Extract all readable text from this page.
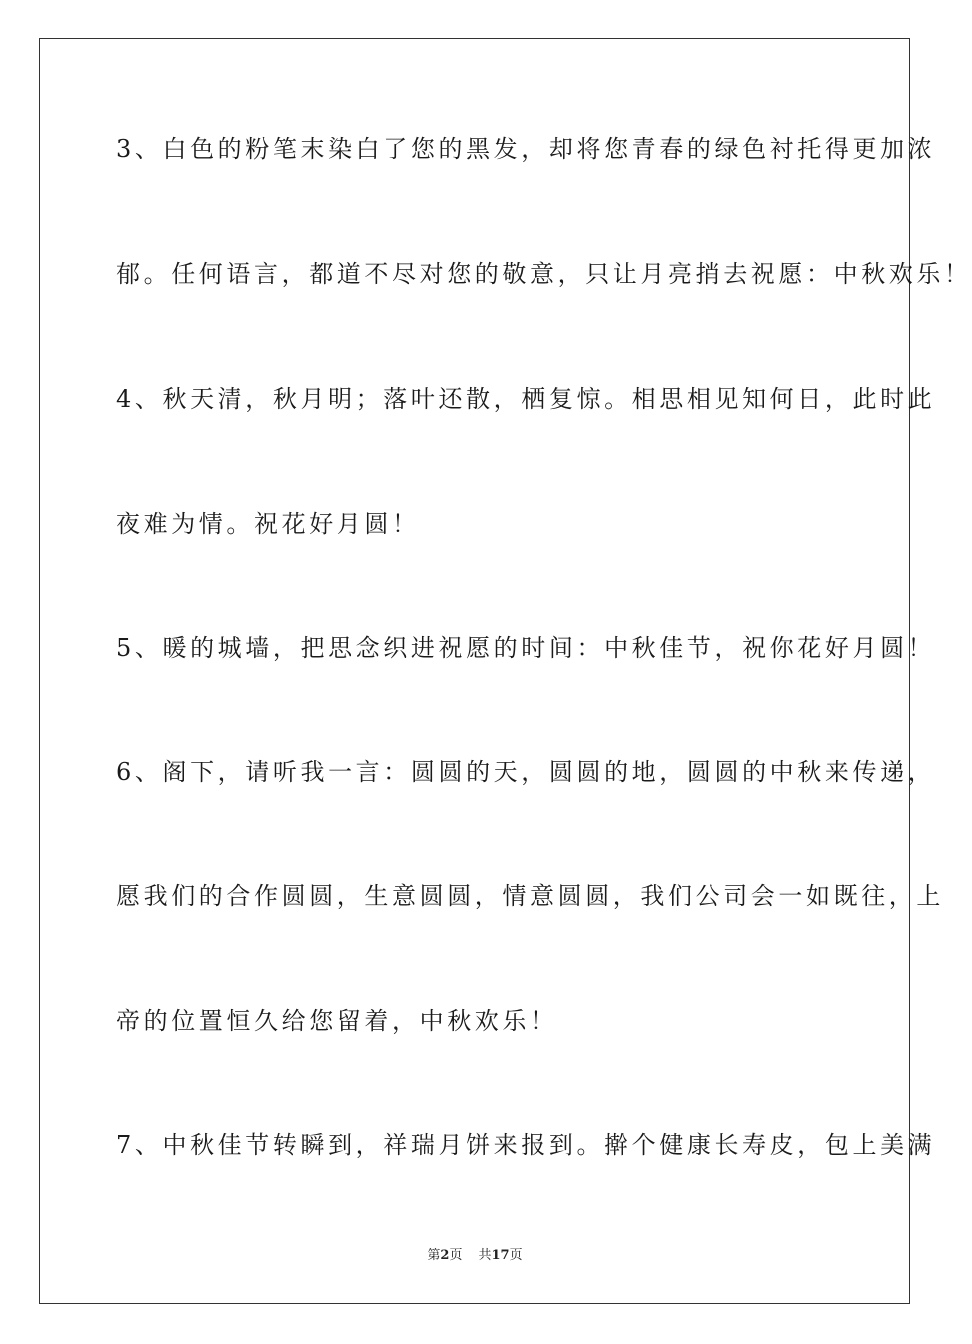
3、白色的粉笔末染白了您的黑发，却将您青春的绿色衬托得更加浓
郁。任何语言，都道不尽对您的敬意，只让月亮捎去祝愿：中秋欢乐！
4、秋天清，秋月明；落叶还散，栖复惊。相思相见知何日，此时此
夜难为情。祝花好月圆！
5、暖的城墙，把思念织进祝愿的时间：中秋佳节，祝你花好月圆！
6、阁下，请听我一言：圆圆的天，圆圆的地，圆圆的中秋来传递，
愿我们的合作圆圆，生意圆圆，情意圆圆，我们公司会一如既往，上
帝的位置恒久给您留着，中秋欢乐！
7、中秋佳节转瞬到，祥瑞月饼来报到。擀个健康长寿皮，包上美满
第2页 共17页
